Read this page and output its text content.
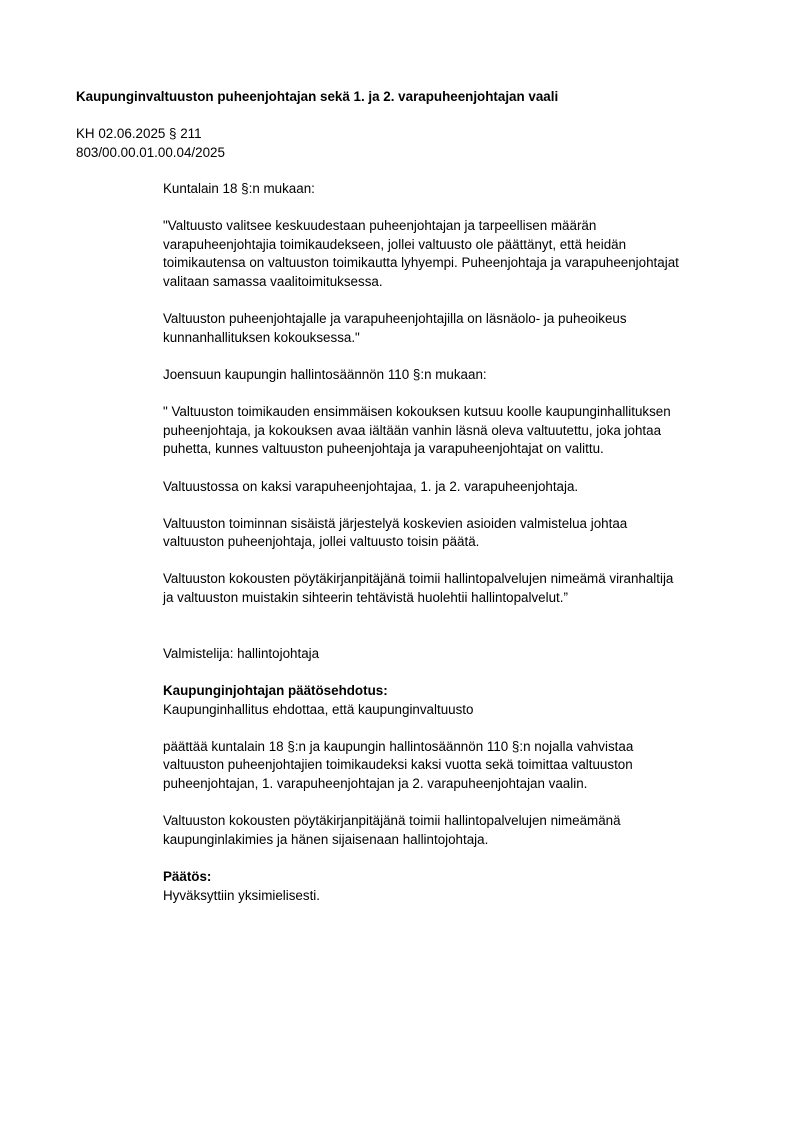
Kaupunginvaltuuston puheenjohtajan sekä 1. ja 2. varapuheenjohtajan vaali
KH 02.06.2025 § 211
803/00.00.01.00.04/2025

Kuntalain 18 §:n mukaan:

"Valtuusto valitsee keskuudestaan puheenjohtajan ja tarpeellisen määrän
varapuheenjohtajia toimikaudekseen, jollei valtuusto ole päättänyt, että heidän
toimikautensa on valtuuston toimikautta lyhyempi. Puheenjohtaja ja varapuheenjohtajat
valitaan samassa vaalitoimituksessa.

Valtuuston puheenjohtajalle ja varapuheenjohtajilla on läsnäolo- ja puheoikeus
kunnanhallituksen kokouksessa."

Joensuun kaupungin hallintosäännön 110 §:n mukaan:

" Valtuuston toimikauden ensimmäisen kokouksen kutsuu koolle kaupunginhallituksen
puheenjohtaja, ja kokouksen avaa iältään vanhin läsnä oleva valtuutettu, joka johtaa
puhetta, kunnes valtuuston puheenjohtaja ja varapuheenjohtajat on valittu.

Valtuustossa on kaksi varapuheenjohtajaa, 1. ja 2. varapuheenjohtaja.

Valtuuston toiminnan sisäistä järjestelyä koskevien asioiden valmistelua johtaa
valtuuston puheenjohtaja, jollei valtuusto toisin päätä.

Valtuuston kokousten pöytäkirjanpitäjänä toimii hallintopalvelujen nimeämä viranhaltija
ja valtuuston muistakin sihteerin tehtävistä huolehtii hallintopalvelut.”

Valmistelija: hallintojohtaja

Kaupunginjohtajan päätösehdotus:

Kaupunginhallitus ehdottaa, että kaupunginvaltuusto

päättää kuntalain 18 §:n ja kaupungin hallintosäännön 110 §:n nojalla vahvistaa
valtuuston puheenjohtajien toimikaudeksi kaksi vuotta sekä toimittaa valtuuston
puheenjohtajan, 1. varapuheenjohtajan ja 2. varapuheenjohtajan vaalin.

Valtuuston kokousten pöytäkirjanpitäjänä toimii hallintopalvelujen nimeämänä
kaupunginlakimies ja hänen sijaisenaan hallintojohtaja.

Päätös:

Hyväksyttiin yksimielisesti.
